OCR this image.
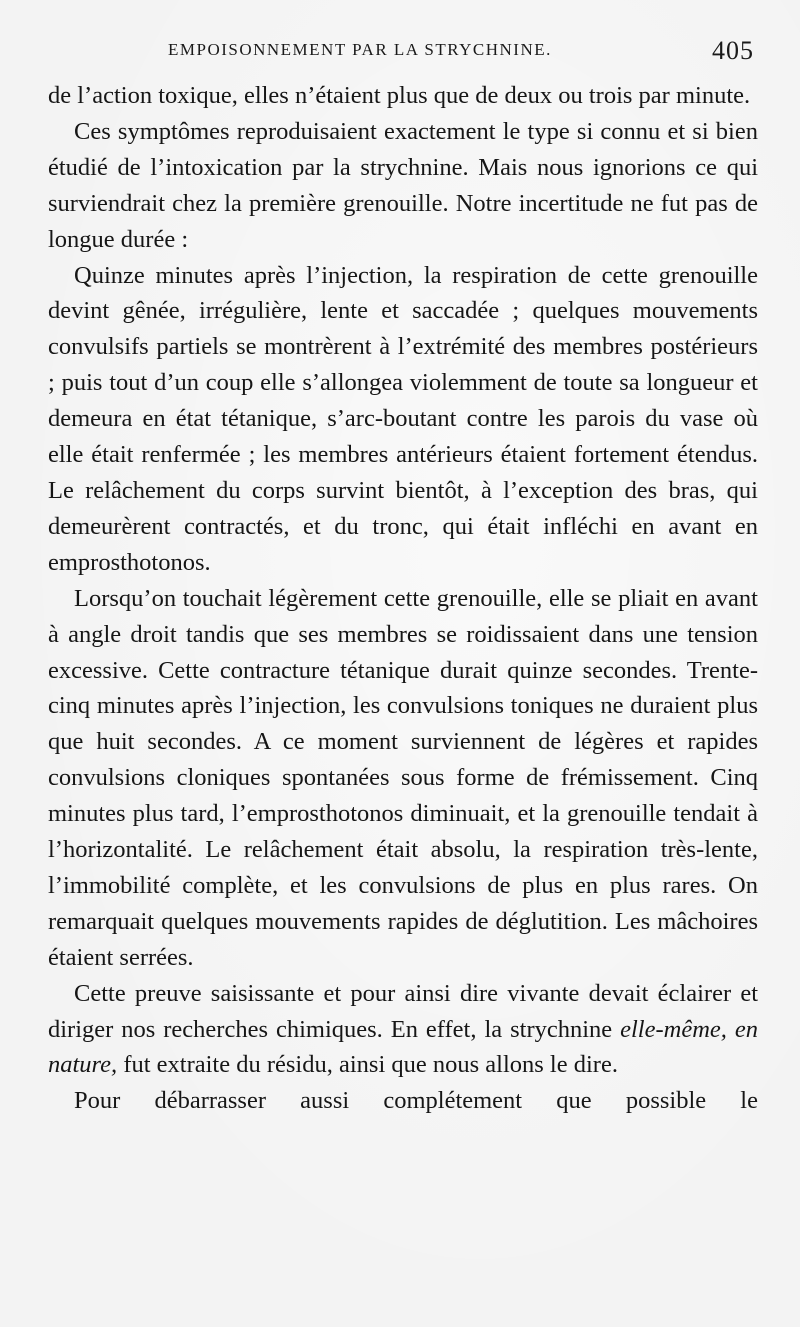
EMPOISONNEMENT PAR LA STRYCHNINE.	405

de l’action toxique, elles n’étaient plus que de deux ou trois par minute.

Ces symptômes reproduisaient exactement le type si connu et si bien étudié de l’intoxication par la strychnine. Mais nous ignorions ce qui surviendrait chez la première grenouille. Notre incertitude ne fut pas de longue durée :

Quinze minutes après l’injection, la respiration de cette grenouille devint gênée, irrégulière, lente et saccadée ; quelques mouvements convulsifs partiels se montrèrent à l’extrémité des membres postérieurs ; puis tout d’un coup elle s’allongea violemment de toute sa longueur et demeura en état tétanique, s’arc-boutant contre les parois du vase où elle était renfermée ; les membres antérieurs étaient fortement étendus. Le relâchement du corps survint bientôt, à l’exception des bras, qui demeurèrent contractés, et du tronc, qui était infléchi en avant en emprosthotonos.

Lorsqu’on touchait légèrement cette grenouille, elle se pliait en avant à angle droit tandis que ses membres se roidissaient dans une tension excessive. Cette contracture tétanique durait quinze secondes. Trente-cinq minutes après l’injection, les convulsions toniques ne duraient plus que huit secondes. A ce moment surviennent de légères et rapides convulsions cloniques spontanées sous forme de frémissement. Cinq minutes plus tard, l’emprosthotonos diminuait, et la grenouille tendait à l’horizontalité. Le relâchement était absolu, la respiration très-lente, l’immobilité complète, et les convulsions de plus en plus rares. On remarquait quelques mouvements rapides de déglutition. Les mâchoires étaient serrées.

Cette preuve saisissante et pour ainsi dire vivante devait éclairer et diriger nos recherches chimiques. En effet, la strychnine elle-même, en nature, fut extraite du résidu, ainsi que nous allons le dire.

Pour débarrasser aussi complétement que possible le
